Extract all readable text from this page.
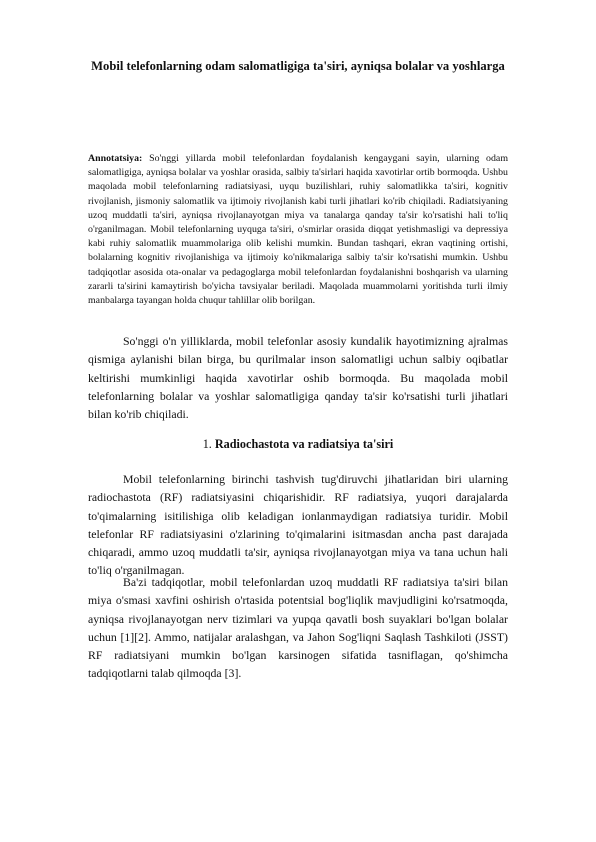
Mobil telefonlarning odam salomatligiga ta'siri, ayniqsa bolalar va yoshlarga

Annotatsiya: So'nggi yillarda mobil telefonlardan foydalanish kengaygani sayin, ularning odam salomatligiga, ayniqsa bolalar va yoshlar orasida, salbiy ta'sirlari haqida xavotirlar ortib bormoqda. Ushbu maqolada mobil telefonlarning radiatsiyasi, uyqu buzilishlari, ruhiy salomatlikka ta'siri, kognitiv rivojlanish, jismoniy salomatlik va ijtimoiy rivojlanish kabi turli jihatlari ko'rib chiqiladi. Radiatsiyaning uzoq muddatli ta'siri, ayniqsa rivojlanayotgan miya va tanalarga qanday ta'sir ko'rsatishi hali to'liq o'rganilmagan. Mobil telefonlarning uyquga ta'siri, o'smirlar orasida diqqat yetishmasligi va depressiya kabi ruhiy salomatlik muammolariga olib kelishi mumkin. Bundan tashqari, ekran vaqtining ortishi, bolalarning kognitiv rivojlanishiga va ijtimoiy ko'nikmalariga salbiy ta'sir ko'rsatishi mumkin. Ushbu tadqiqotlar asosida ota-onalar va pedagoglarga mobil telefonlardan foydalanishni boshqarish va ularning zararli ta'sirini kamaytirish bo'yicha tavsiyalar beriladi. Maqolada muammolarni yoritishda turli ilmiy manbalarga tayangan holda chuqur tahlillar olib borilgan.

So'nggi o'n yilliklarda, mobil telefonlar asosiy kundalik hayotimizning ajralmas qismiga aylanishi bilan birga, bu qurilmalar inson salomatligi uchun salbiy oqibatlar keltirishi mumkinligi haqida xavotirlar oshib bormoqda. Bu maqolada mobil telefonlarning bolalar va yoshlar salomatligiga qanday ta'sir ko'rsatishi turli jihatlari bilan ko'rib chiqiladi.

1. Radiochastota va radiatsiya ta'siri

Mobil telefonlarning birinchi tashvish tug'diruvchi jihatlaridan biri ularning radiochastota (RF) radiatsiyasini chiqarishidir. RF radiatsiya, yuqori darajalarda to'qimalarning isitilishiga olib keladigan ionlanmaydigan radiatsiya turidir. Mobil telefonlar RF radiatsiyasini o'zlarining to'qimalarini isitmasdan ancha past darajada chiqaradi, ammo uzoq muddatli ta'sir, ayniqsa rivojlanayotgan miya va tana uchun hali to'liq o'rganilmagan.

Ba'zi tadqiqotlar, mobil telefonlardan uzoq muddatli RF radiatsiya ta'siri bilan miya o'smasi xavfini oshirish o'rtasida potentsial bog'liqlik mavjudligini ko'rsatmoqda, ayniqsa rivojlanayotgan nerv tizimlari va yupqa qavatli bosh suyaklari bo'lgan bolalar uchun [1][2]. Ammo, natijalar aralashgan, va Jahon Sog'liqni Saqlash Tashkiloti (JSST) RF radiatsiyani mumkin bo'lgan karsinogen sifatida tasniflagan, qo'shimcha tadqiqotlarni talab qilmoqda [3].
